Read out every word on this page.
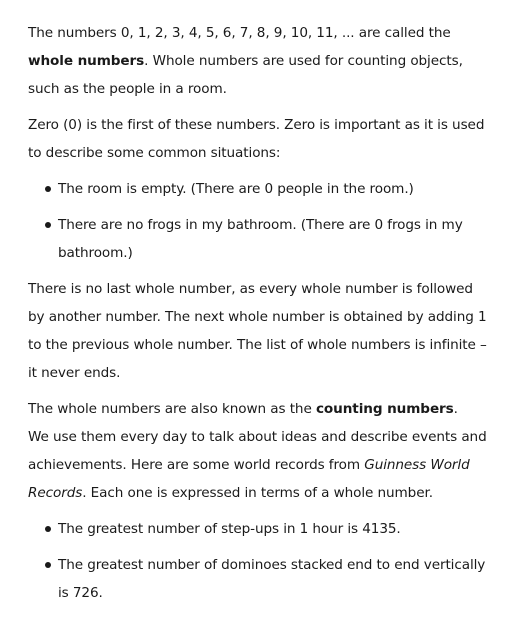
The numbers 0, 1, 2, 3, 4, 5, 6, 7, 8, 9, 10, 11, ... are called the whole numbers. Whole numbers are used for counting objects, such as the people in a room.

Zero (0) is the first of these numbers. Zero is important as it is used to describe some common situations:

The room is empty. (There are 0 people in the room.)
There are no frogs in my bathroom. (There are 0 frogs in my bathroom.)

There is no last whole number, as every whole number is followed by another number. The next whole number is obtained by adding 1 to the previous whole number. The list of whole numbers is infinite – it never ends.

The whole numbers are also known as the counting numbers.
We use them every day to talk about ideas and describe events and achievements. Here are some world records from Guinness World Records. Each one is expressed in terms of a whole number.

The greatest number of step-ups in 1 hour is 4135.
The greatest number of dominoes stacked end to end vertically is 726.
